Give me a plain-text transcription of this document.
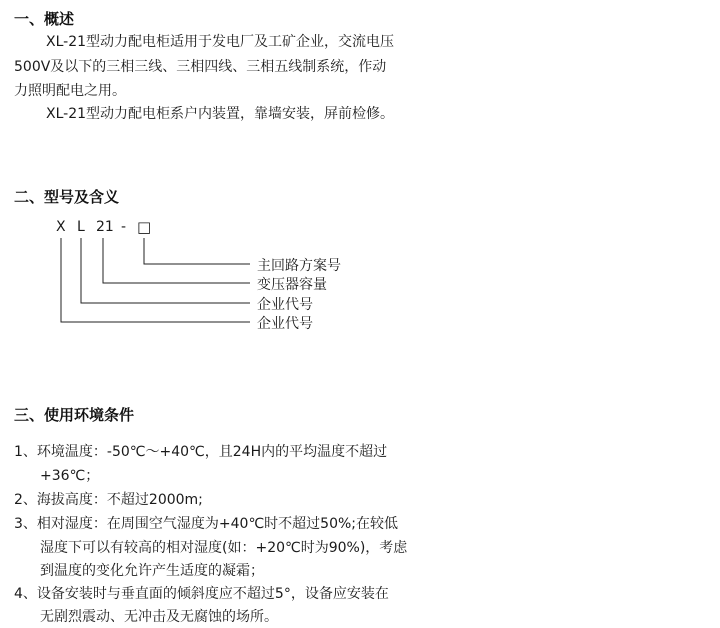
一、概述
XL-21型动力配电柜适用于发电厂及工矿企业，交流电压
500V及以下的三相三线、三相四线、三相五线制系统，作动
力照明配电之用。
XL-21型动力配电柜系户内装置，靠墙安装，屏前检修。
二、型号及含义
X L 21 - □
主回路方案号
变压器容量
企业代号
企业代号
三、使用环境条件
1、环境温度：-50℃～+40℃，且24H内的平均温度不超过
+36℃；
2、海拔高度：不超过2000m;
3、相对湿度：在周围空气湿度为+40℃时不超过50%;在较低
湿度下可以有较高的相对湿度(如：+20℃时为90%)，考虑
到温度的变化允许产生适度的凝霜；
4、设备安装时与垂直面的倾斜度应不超过5°，设备应安装在
无剧烈震动、无冲击及无腐蚀的场所。
